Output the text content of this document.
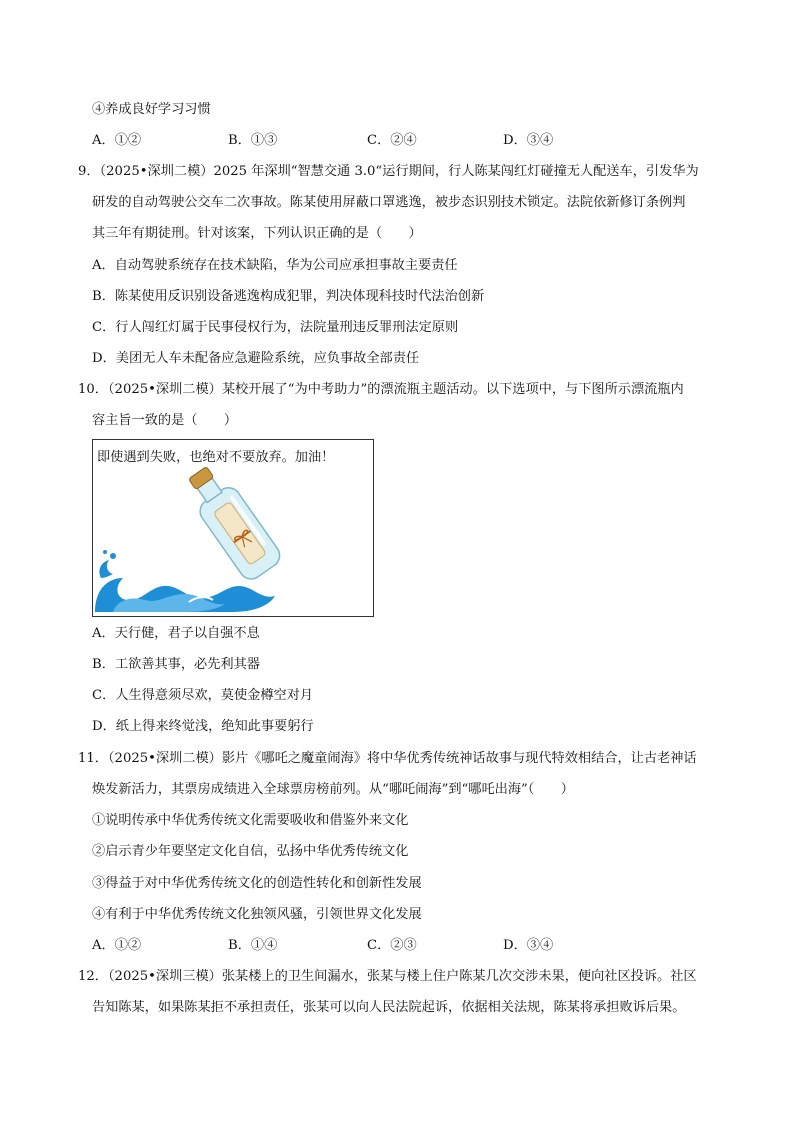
④养成良好学习习惯
A．①②	B．①③	C．②④	D．③④
9．（2025•深圳二模）2025 年深圳“智慧交通 3.0“运行期间，行人陈某闯红灯碰撞无人配送车，引发华为
研发的自动驾驶公交车二次事故。陈某使用屏蔽口罩逃逸，被步态识别技术锁定。法院依新修订条例判
其三年有期徒刑。针对该案，下列认识正确的是（　　）
A．自动驾驶系统存在技术缺陷，华为公司应承担事故主要责任
B．陈某使用反识别设备逃逸构成犯罪，判决体现科技时代法治创新
C．行人闯红灯属于民事侵权行为，法院量刑违反罪刑法定原则
D．美团无人车未配备应急避险系统，应负事故全部责任
10．（2025•深圳二模）某校开展了“为中考助力”的漂流瓶主题活动。以下选项中，与下图所示漂流瓶内
容主旨一致的是（　　）
即使遇到失败，也绝对不要放弃。加油！
A．天行健，君子以自强不息
B．工欲善其事，必先利其器
C．人生得意须尽欢，莫使金樽空对月
D．纸上得来终觉浅，绝知此事要躬行
11．（2025•深圳二模）影片《哪吒之魔童闹海》将中华优秀传统神话故事与现代特效相结合，让古老神话
焕发新活力，其票房成绩进入全球票房榜前列。从“哪吒闹海”到“哪吒出海”（　　）
①说明传承中华优秀传统文化需要吸收和借鉴外来文化
②启示青少年要坚定文化自信，弘扬中华优秀传统文化
③得益于对中华优秀传统文化的创造性转化和创新性发展
④有利于中华优秀传统文化独领风骚，引领世界文化发展
A．①②	B．①④	C．②③	D．③④
12．（2025•深圳三模）张某楼上的卫生间漏水，张某与楼上住户陈某几次交涉未果，便向社区投诉。社区
告知陈某，如果陈某拒不承担责任，张某可以向人民法院起诉，依据相关法规，陈某将承担败诉后果。
